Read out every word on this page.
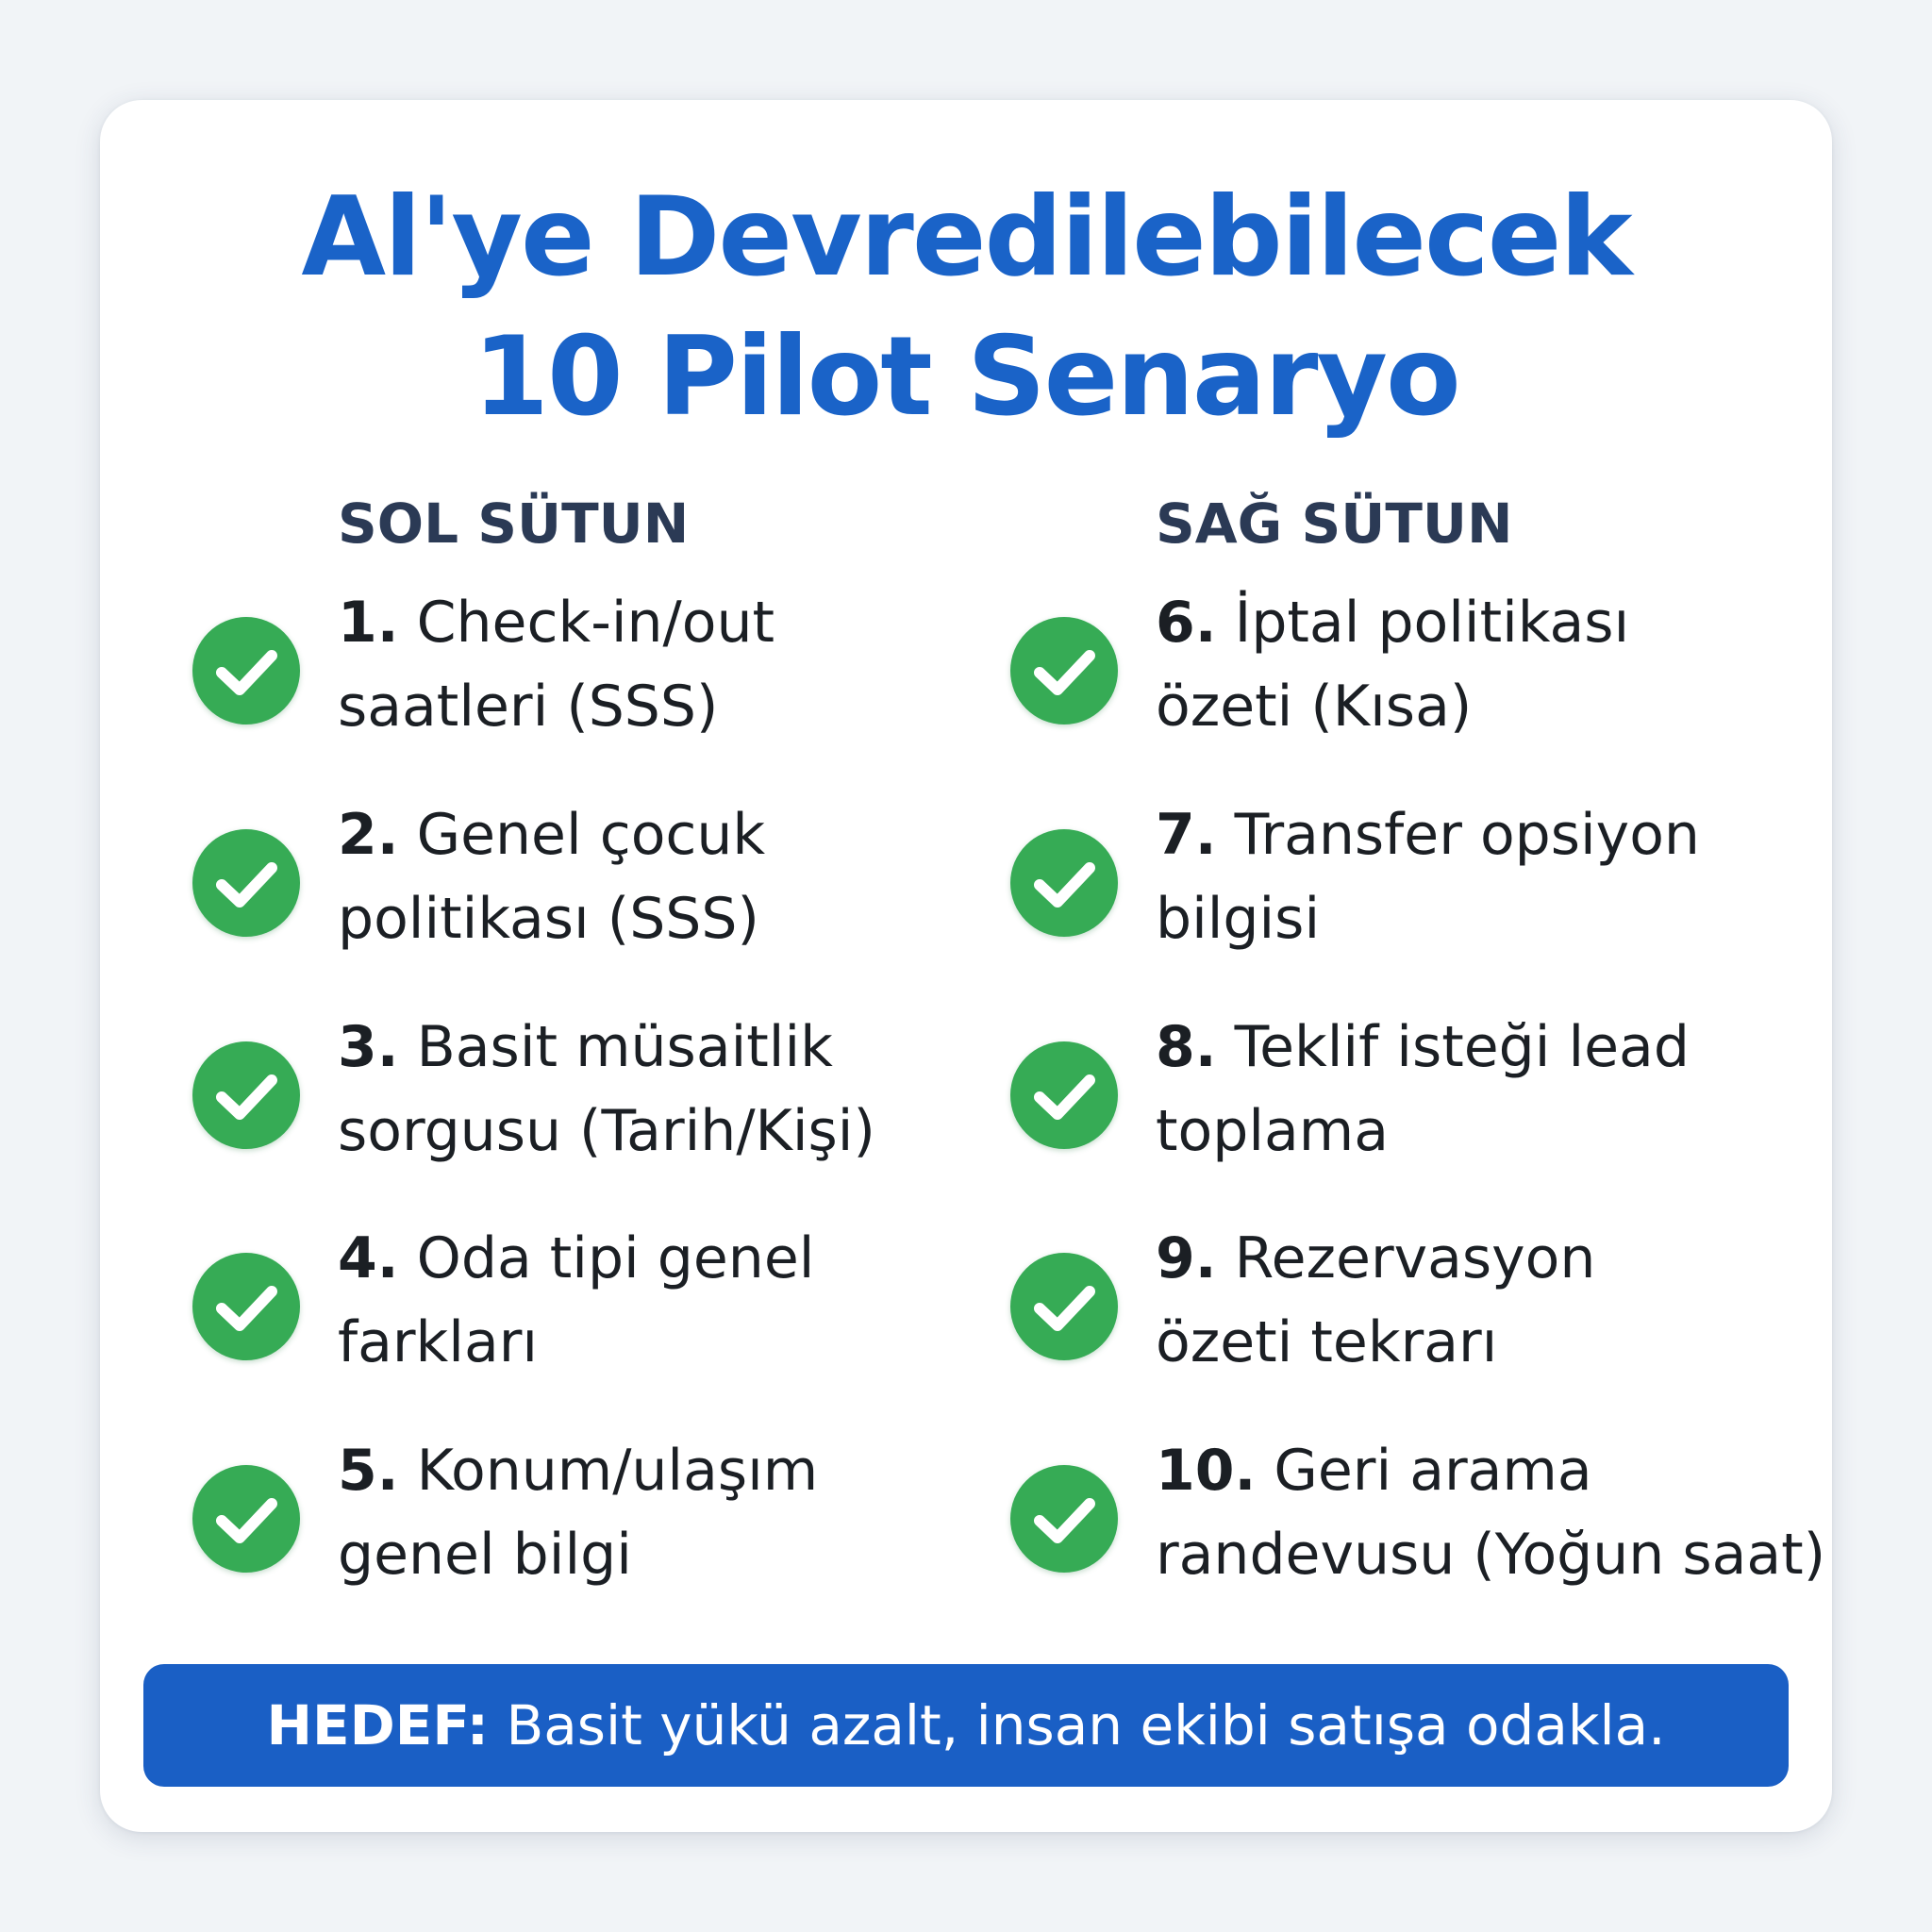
Al'ye Devredilebilecek
10 Pilot Senaryo
SOL SÜTUN	SAĞ SÜTUN
1. Check-in/out
saatleri (SSS)
2. Genel çocuk
politikası (SSS)
3. Basit müsaitlik
sorgusu (Tarih/Kişi)
4. Oda tipi genel
farkları
5. Konum/ulaşım
genel bilgi
6. İptal politikası
özeti (Kısa)
7. Transfer opsiyon
bilgisi
8. Teklif isteği lead
toplama
9. Rezervasyon
özeti tekrarı
10. Geri arama
randevusu (Yoğun saat)
HEDEF: Basit yükü azalt, insan ekibi satışa odakla.
